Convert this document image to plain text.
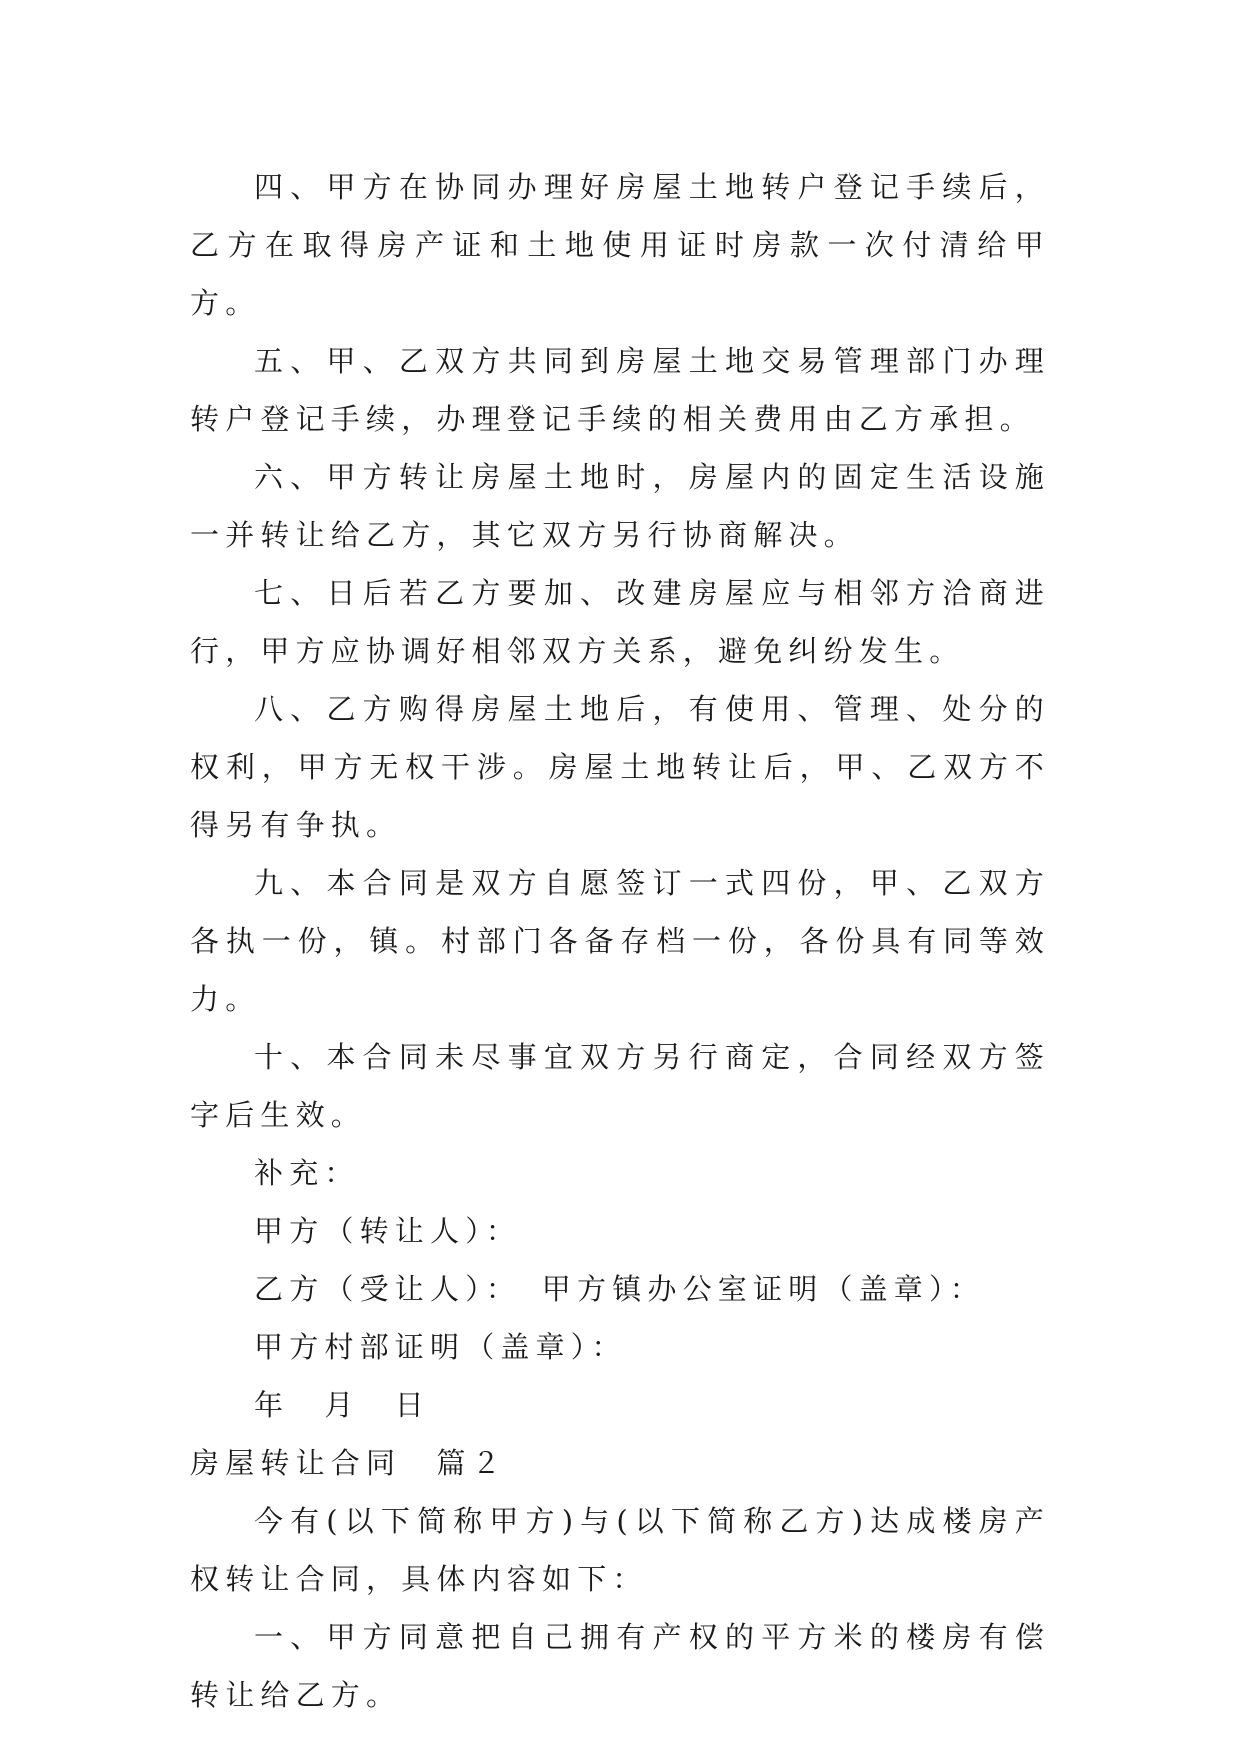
四、甲方在协同办理好房屋土地转户登记手续后，乙方在取得房产证和土地使用证时房款一次付清给甲方。

五、甲、乙双方共同到房屋土地交易管理部门办理转户登记手续，办理登记手续的相关费用由乙方承担。

六、甲方转让房屋土地时，房屋内的固定生活设施一并转让给乙方，其它双方另行协商解决。

七、日后若乙方要加、改建房屋应与相邻方洽商进行，甲方应协调好相邻双方关系，避免纠纷发生。

八、乙方购得房屋土地后，有使用、管理、处分的权利，甲方无权干涉。房屋土地转让后，甲、乙双方不得另有争执。

九、本合同是双方自愿签订一式四份，甲、乙双方各执一份，镇。村部门各备存档一份，各份具有同等效力。

十、本合同未尽事宜双方另行商定，合同经双方签字后生效。

补充：

甲方（转让人）：

乙方（受让人）：　甲方镇办公室证明（盖章）：

甲方村部证明（盖章）：

年　月　日

房屋转让合同　篇２

今有(以下简称甲方)与(以下简称乙方)达成楼房产权转让合同，具体内容如下：

一、甲方同意把自己拥有产权的平方米的楼房有偿转让给乙方。
